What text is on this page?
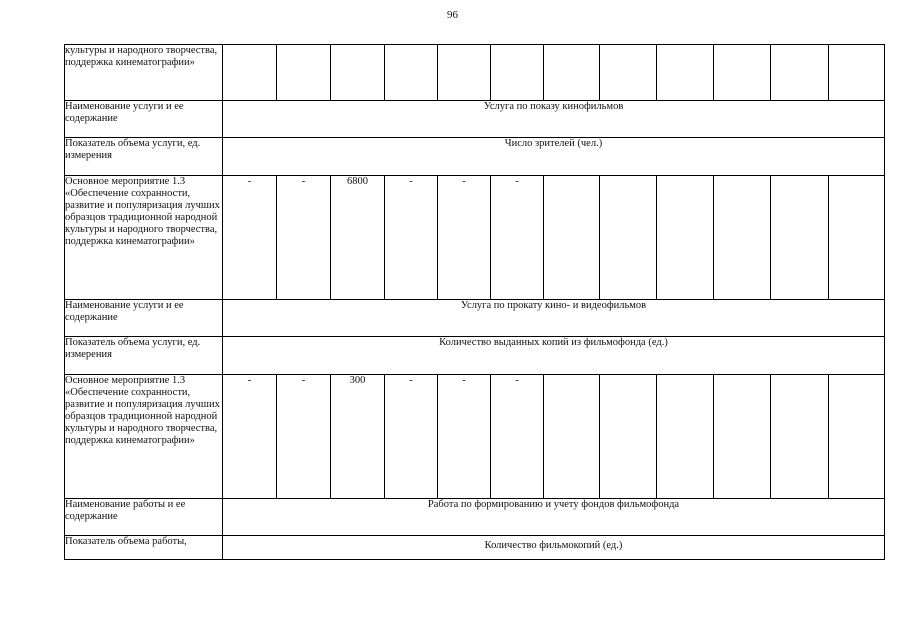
96
культуры и народного творчества, поддержка кинематографии»												
Наименование услуги и ее содержание	Услуга по показу кинофильмов											
Показатель объема услуги, ед. измерения	Число зрителей (чел.)											
Основное мероприятие 1.3 «Обеспечение сохранности, развитие и популяризация лучших образцов традиционной народной культуры и народного творчества, поддержка кинематографии»	-	-	6800	-	-	-						
Наименование услуги и ее содержание	Услуга по прокату кино- и видеофильмов											
Показатель объема услуги, ед. измерения	Количество выданных копий из фильмофонда (ед.)											
Основное мероприятие 1.3 «Обеспечение сохранности, развитие и популяризация лучших образцов традиционной народной культуры и народного творчества, поддержка кинематографии»	-	-	300	-	-	-						
Наименование работы и ее содержание	Работа по формированию и учету фондов фильмофонда											
Показатель объема работы,	Количество фильмокопий (ед.)											
